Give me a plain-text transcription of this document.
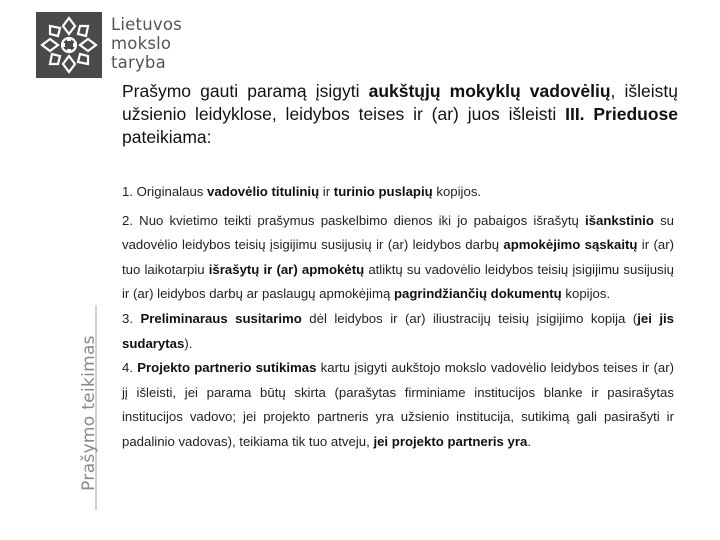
Lietuvos
mokslo
taryba
Prašymo gauti paramą įsigyti aukštųjų mokyklų vadovėlių, išleistų užsienio leidyklose, leidybos teises ir (ar) juos išleisti III. Prieduose pateikiama:
Prašymo teikimas

1. Originalaus vadovėlio titulinių ir turinio puslapių kopijos.

2. Nuo kvietimo teikti prašymus paskelbimo dienos iki jo pabaigos išrašytų išankstinio su vadovėlio leidybos teisių įsigijimu susijusių ir (ar) leidybos darbų apmokėjimo sąskaitų ir (ar) tuo laikotarpiu išrašytų ir (ar) apmokėtų atliktų su vadovėlio leidybos teisių įsigijimu susijusių ir (ar) leidybos darbų ar paslaugų apmokėjimą pagrindžiančių dokumentų kopijos.

3. Preliminaraus susitarimo dėl leidybos ir (ar) iliustracijų teisių įsigijimo kopija (jei jis sudarytas).

4. Projekto partnerio sutikimas kartu įsigyti aukštojo mokslo vadovėlio leidybos teises ir (ar) jį išleisti, jei parama būtų skirta (parašytas firminiame institucijos blanke ir pasirašytas institucijos vadovo; jei projekto partneris yra užsienio institucija, sutikimą gali pasirašyti ir padalinio vadovas), teikiama tik tuo atveju, jei projekto partneris yra.
